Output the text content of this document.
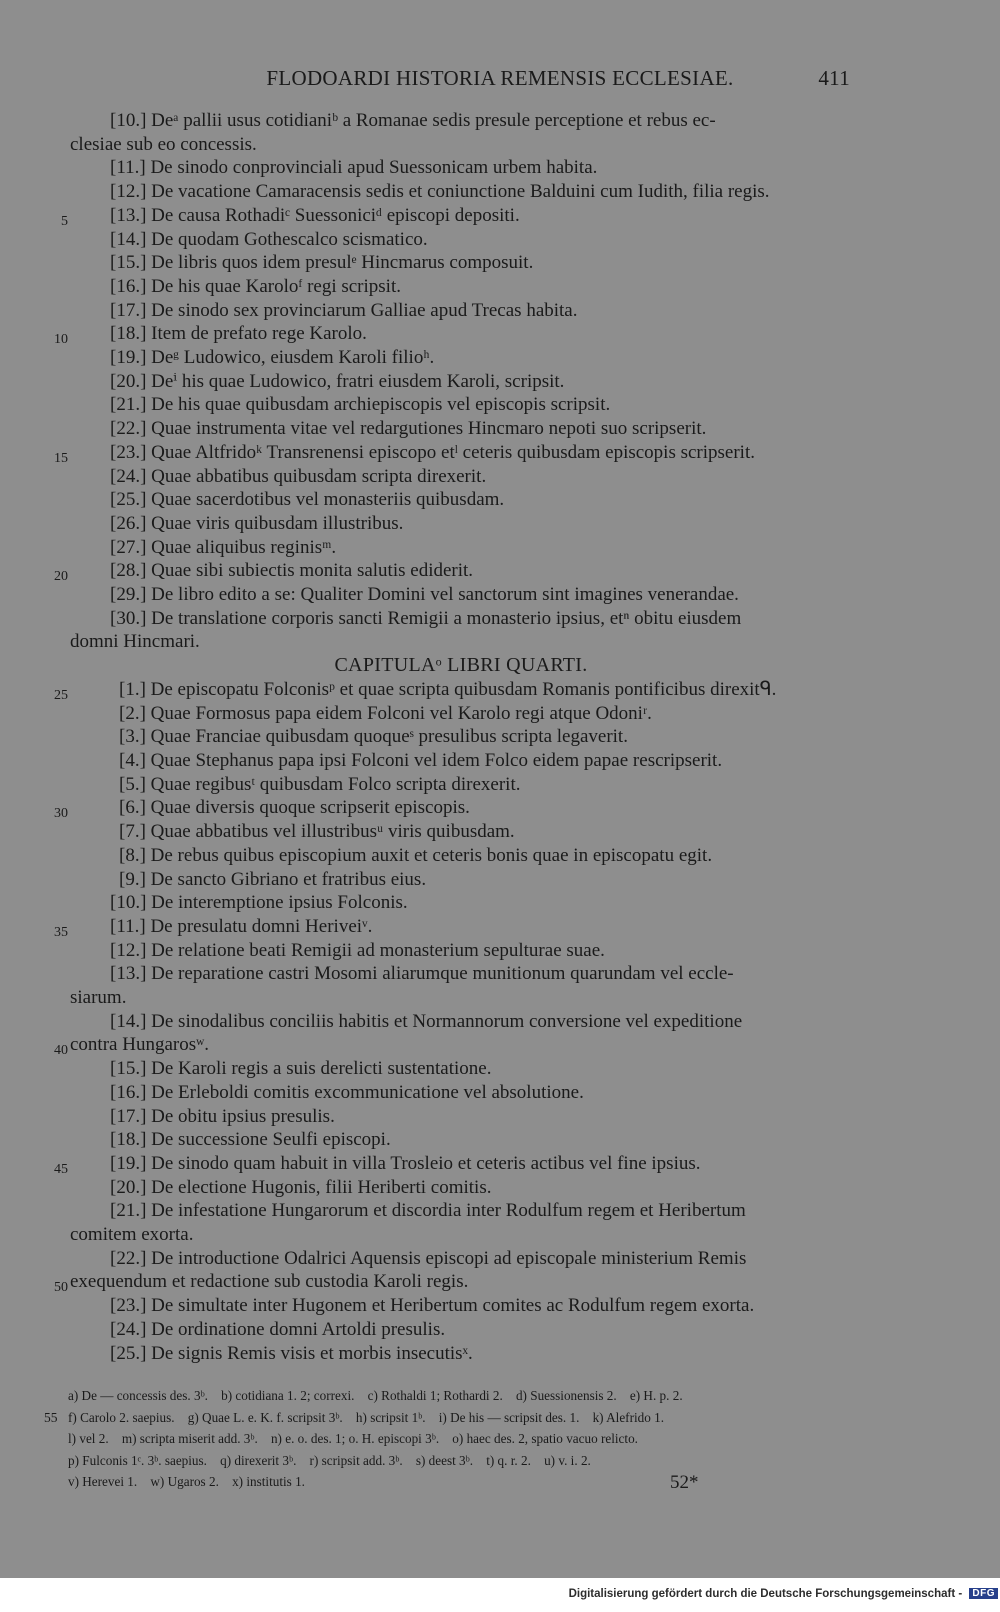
FLODOARDI HISTORIA REMENSIS ECCLESIAE.	411
[10.] Deᵃ pallii usus cotidianiᵇ a Romanae sedis presule perceptione et rebus ec-
clesiae sub eo concessis.
[11.] De sinodo conprovinciali apud Suessonicam urbem habita.
[12.] De vacatione Camaracensis sedis et coniunctione Balduini cum Iudith, filia regis.
5 [13.] De causa Rothadiᶜ Suessoniciᵈ episcopi depositi.
[14.] De quodam Gothescalco scismatico.
[15.] De libris quos idem presulᵉ Hincmarus composuit.
[16.] De his quae Karoloᶠ regi scripsit.
[17.] De sinodo sex provinciarum Galliae apud Trecas habita.
10 [18.] Item de prefato rege Karolo.
[19.] Deᵍ Ludowico, eiusdem Karoli filioʰ.
[20.] Deⁱ his quae Ludowico, fratri eiusdem Karoli, scripsit.
[21.] De his quae quibusdam archiepiscopis vel episcopis scripsit.
[22.] Quae instrumenta vitae vel redargutiones Hincmaro nepoti suo scripserit.
15 [23.] Quae Altfridoᵏ Transrenensi episcopo etˡ ceteris quibusdam episcopis scripserit.
[24.] Quae abbatibus quibusdam scripta direxerit.
[25.] Quae sacerdotibus vel monasteriis quibusdam.
[26.] Quae viris quibusdam illustribus.
[27.] Quae aliquibus reginisᵐ.
20 [28.] Quae sibi subiectis monita salutis ediderit.
[29.] De libro edito a se: Qualiter Domini vel sanctorum sint imagines venerandae.
[30.] De translatione corporis sancti Remigii a monasterio ipsius, etⁿ obitu eiusdem
domni Hincmari.
CAPITULAᵒ LIBRI QUARTI.
25	[1.] De episcopatu Folconisᵖ et quae scripta quibusdam Romanis pontificibus direxitᑫ.
[2.] Quae Formosus papa eidem Folconi vel Karolo regi atque Odoniʳ.
[3.] Quae Franciae quibusdam quoqueˢ presulibus scripta legaverit.
[4.] Quae Stephanus papa ipsi Folconi vel idem Folco eidem papae rescripserit.
[5.] Quae regibusᵗ quibusdam Folco scripta direxerit.
30	[6.] Quae diversis quoque scripserit episcopis.
[7.] Quae abbatibus vel illustribusᵘ viris quibusdam.
[8.] De rebus quibus episcopium auxit et ceteris bonis quae in episcopatu egit.
[9.] De sancto Gibriano et fratribus eius.
[10.] De interemptione ipsius Folconis.
35 [11.] De presulatu domni Heriveiᵛ.
[12.] De relatione beati Remigii ad monasterium sepulturae suae.
[13.] De reparatione castri Mosomi aliarumque munitionum quarundam vel eccle-
siarum.
[14.] De sinodalibus conciliis habitis et Normannorum conversione vel expeditione
40 contra Hungarosʷ.
[15.] De Karoli regis a suis derelicti sustentatione.
[16.] De Erleboldi comitis excommunicatione vel absolutione.
[17.] De obitu ipsius presulis.
[18.] De successione Seulfi episcopi.
45 [19.] De sinodo quam habuit in villa Trosleio et ceteris actibus vel fine ipsius.
[20.] De electione Hugonis, filii Heriberti comitis.
[21.] De infestatione Hungarorum et discordia inter Rodulfum regem et Heribertum
comitem exorta.
[22.] De introductione Odalrici Aquensis episcopi ad episcopale ministerium Remis
50 exequendum et redactione sub custodia Karoli regis.
[23.] De simultate inter Hugonem et Heribertum comites ac Rodulfum regem exorta.
[24.] De ordinatione domni Artoldi presulis.
[25.] De signis Remis visis et morbis insecutisˣ.
a) De — concessis des. 3ᵇ.    b) cotidiana 1. 2; correxi.    c) Rothaldi 1; Rothardi 2.    d) Suessionensis 2.    e) H. p. 2.
55 f) Carolo 2. saepius.    g) Quae L. e. K. f. scripsit 3ᵇ.    h) scripsit 1ᵇ.    i) De his — scripsit des. 1.    k) Alefrido 1.
l) vel 2.    m) scripta miserit add. 3ᵇ.    n) e. o. des. 1; o. H. episcopi 3ᵇ.    o) haec des. 2, spatio vacuo relicto.
p) Fulconis 1ᶜ. 3ᵇ. saepius.    q) direxerit 3ᵇ.    r) scripsit add. 3ᵇ.    s) deest 3ᵇ.    t) q. r. 2.    u) v. i. 2.
v) Herevei 1.    w) Ugaros 2.    x) institutis 1.	52*
Digitalisierung gefördert durch die Deutsche Forschungsgemeinschaft - DFG
